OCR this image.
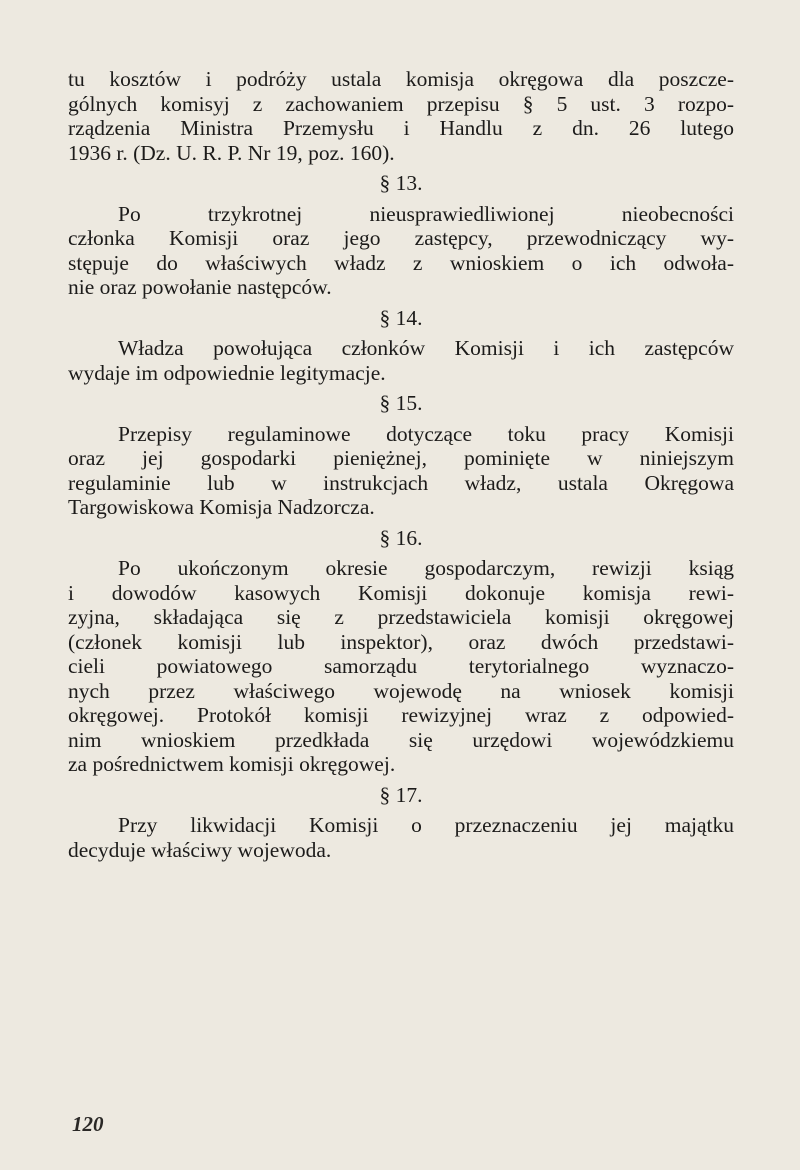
tu kosztów i podróży ustala komisja okręgowa dla poszcze-
gólnych komisyj z zachowaniem przepisu § 5 ust. 3 rozpo-
rządzenia Ministra Przemysłu i Handlu z dn. 26 lutego
1936 r. (Dz. U. R. P. Nr 19, poz. 160).
§ 13.
Po trzykrotnej nieusprawiedliwionej nieobecności
członka Komisji oraz jego zastępcy, przewodniczący wy-
stępuje do właściwych władz z wnioskiem o ich odwoła-
nie oraz powołanie następców.
§ 14.
Władza powołująca członków Komisji i ich zastępców
wydaje im odpowiednie legitymacje.
§ 15.
Przepisy regulaminowe dotyczące toku pracy Komisji
oraz jej gospodarki pieniężnej, pominięte w niniejszym
regulaminie lub w instrukcjach władz, ustala Okręgowa
Targowiskowa Komisja Nadzorcza.
§ 16.
Po ukończonym okresie gospodarczym, rewizji ksiąg
i dowodów kasowych Komisji dokonuje komisja rewi-
zyjna, składająca się z przedstawiciela komisji okręgowej
(członek komisji lub inspektor), oraz dwóch przedstawi-
cieli powiatowego samorządu terytorialnego wyznaczo-
nych przez właściwego wojewodę na wniosek komisji
okręgowej. Protokół komisji rewizyjnej wraz z odpowied-
nim wnioskiem przedkłada się urzędowi wojewódzkiemu
za pośrednictwem komisji okręgowej.
§ 17.
Przy likwidacji Komisji o przeznaczeniu jej majątku
decyduje właściwy wojewoda.
120
